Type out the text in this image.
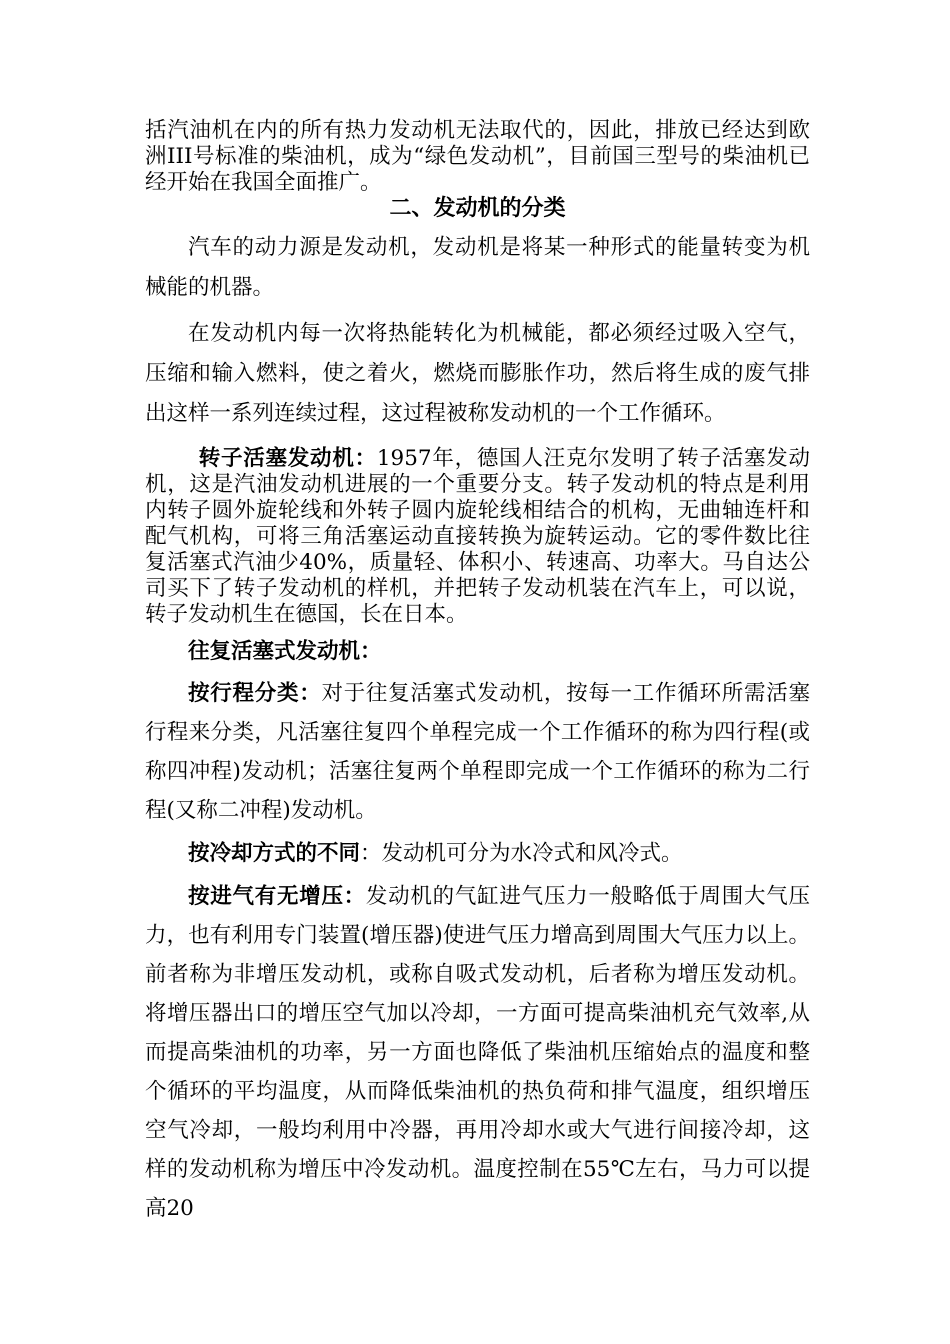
括汽油机在内的所有热力发动机无法取代的，因此，排放已经达到欧洲III号标准的柴油机，成为“绿色发动机”，目前国三型号的柴油机已经开始在我国全面推广。

二、发动机的分类

汽车的动力源是发动机，发动机是将某一种形式的能量转变为机械能的机器。

在发动机内每一次将热能转化为机械能，都必须经过吸入空气，压缩和输入燃料，使之着火，燃烧而膨胀作功，然后将生成的废气排出这样一系列连续过程，这过程被称发动机的一个工作循环。

转子活塞发动机：1957年，德国人汪克尔发明了转子活塞发动机，这是汽油发动机进展的一个重要分支。转子发动机的特点是利用内转子圆外旋轮线和外转子圆内旋轮线相结合的机构，无曲轴连杆和配气机构，可将三角活塞运动直接转换为旋转运动。它的零件数比往复活塞式汽油少40%，质量轻、体积小、转速高、功率大。马自达公司买下了转子发动机的样机，并把转子发动机装在汽车上，可以说，转子发动机生在德国，长在日本。

往复活塞式发动机：

按行程分类：对于往复活塞式发动机，按每一工作循环所需活塞行程来分类，凡活塞往复四个单程完成一个工作循环的称为四行程(或称四冲程)发动机；活塞往复两个单程即完成一个工作循环的称为二行程(又称二冲程)发动机。

按冷却方式的不同：发动机可分为水冷式和风冷式。

按进气有无增压：发动机的气缸进气压力一般略低于周围大气压力，也有利用专门装置(增压器)使进气压力增高到周围大气压力以上。前者称为非增压发动机，或称自吸式发动机，后者称为增压发动机。将增压器出口的增压空气加以冷却，一方面可提高柴油机充气效率,从而提高柴油机的功率，另一方面也降低了柴油机压缩始点的温度和整个循环的平均温度，从而降低柴油机的热负荷和排气温度，组织增压空气冷却，一般均利用中冷器，再用冷却水或大气进行间接冷却，这样的发动机称为增压中冷发动机。温度控制在55℃左右，马力可以提高20
